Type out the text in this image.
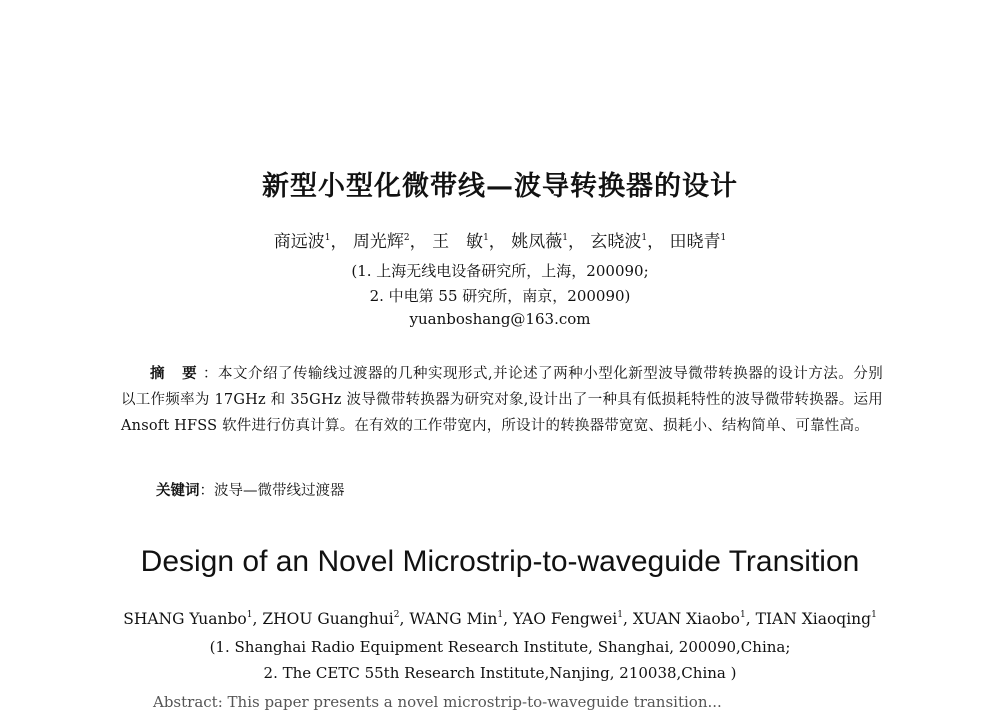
新型小型化微带线—波导转换器的设计
商远波$^1$， 周光辉$^2$， 王　敏$^1$， 姚凤薇$^1$， 玄晓波$^1$， 田晓青$^1$
(1. 上海无线电设备研究所，上海，200090;
2. 中电第 55 研究所，南京，200090)
yuanboshang@163.com
摘 要：本文介绍了传输线过渡器的几种实现形式,并论述了两种小型化新型波导微带转换器的设计方法。分别以工作频率为 17GHz 和 35GHz 波导微带转换器为研究对象,设计出了一种具有低损耗特性的波导微带转换器。运用 Ansoft HFSS 软件进行仿真计算。在有效的工作带宽内，所设计的转换器带宽宽、损耗小、结构简单、可靠性高。
关键词：波导—微带线过渡器
Design of an Novel Microstrip-to-waveguide Transition
SHANG Yuanbo$^1$, ZHOU Guanghui$^2$, WANG Min$^1$, YAO Fengwei$^1$, XUAN Xiaobo$^1$, TIAN Xiaoqing$^1$
(1. Shanghai Radio Equipment Research Institute, Shanghai, 200090,China;
2. The CETC 55th Research Institute,Nanjing, 210038,China )
Abstract: This paper presents a novel microstrip-to-waveguide transition...
